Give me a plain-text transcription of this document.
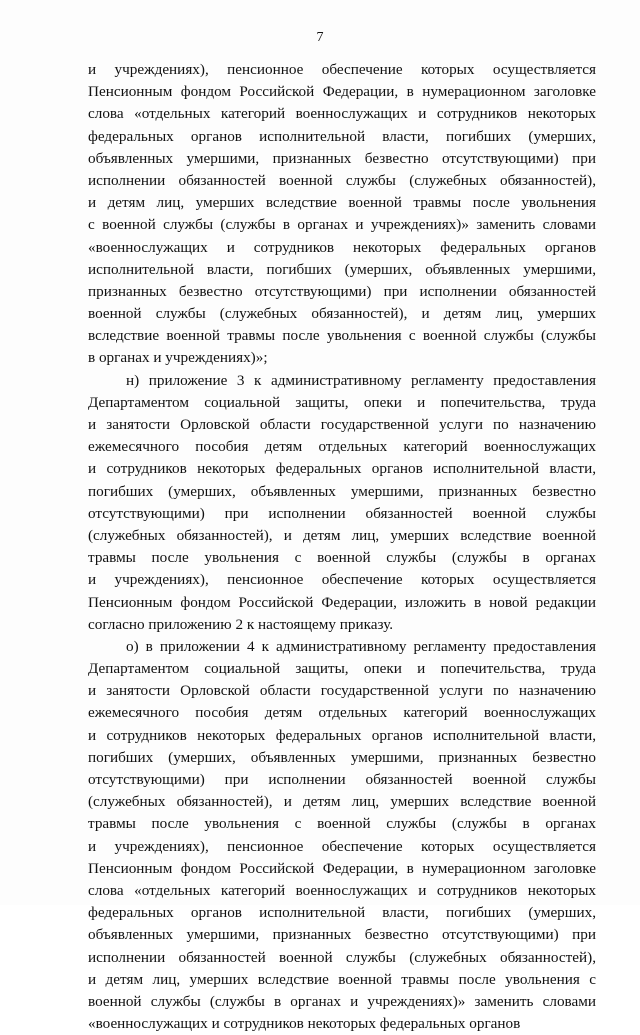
7
и учреждениях), пенсионное обеспечение которых осуществляется
Пенсионным фондом Российской Федерации, в нумерационном заголовке
слова «отдельных категорий военнослужащих и сотрудников некоторых
федеральных органов исполнительной власти, погибших (умерших,
объявленных умершими, признанных безвестно отсутствующими) при
исполнении обязанностей военной службы (служебных обязанностей),
и детям лиц, умерших вследствие военной травмы после увольнения
с военной службы (службы в органах и учреждениях)» заменить словами
«военнослужащих и сотрудников некоторых федеральных органов
исполнительной власти, погибших (умерших, объявленных умершими,
признанных безвестно отсутствующими) при исполнении обязанностей
военной службы (служебных обязанностей), и детям лиц, умерших
вследствие военной травмы после увольнения с военной службы (службы
в органах и учреждениях)»;
н) приложение 3 к административному регламенту предоставления
Департаментом социальной защиты, опеки и попечительства, труда
и занятости Орловской области государственной услуги по назначению
ежемесячного пособия детям отдельных категорий военнослужащих
и сотрудников некоторых федеральных органов исполнительной власти,
погибших (умерших, объявленных умершими, признанных безвестно
отсутствующими) при исполнении обязанностей военной службы
(служебных обязанностей), и детям лиц, умерших вследствие военной
травмы после увольнения с военной службы (службы в органах
и учреждениях), пенсионное обеспечение которых осуществляется
Пенсионным фондом Российской Федерации, изложить в новой редакции
согласно приложению 2 к настоящему приказу.
о) в приложении 4 к административному регламенту предоставления
Департаментом социальной защиты, опеки и попечительства, труда
и занятости Орловской области государственной услуги по назначению
ежемесячного пособия детям отдельных категорий военнослужащих
и сотрудников некоторых федеральных органов исполнительной власти,
погибших (умерших, объявленных умершими, признанных безвестно
отсутствующими) при исполнении обязанностей военной службы
(служебных обязанностей), и детям лиц, умерших вследствие военной
травмы после увольнения с военной службы (службы в органах
и учреждениях), пенсионное обеспечение которых осуществляется
Пенсионным фондом Российской Федерации, в нумерационном заголовке
слова «отдельных категорий военнослужащих и сотрудников некоторых
федеральных органов исполнительной власти, погибших (умерших,
объявленных умершими, признанных безвестно отсутствующими) при
исполнении обязанностей военной службы (служебных обязанностей),
и детям лиц, умерших вследствие военной травмы после увольнения с
военной службы (службы в органах и учреждениях)» заменить словами
«военнослужащих и сотрудников некоторых федеральных органов
